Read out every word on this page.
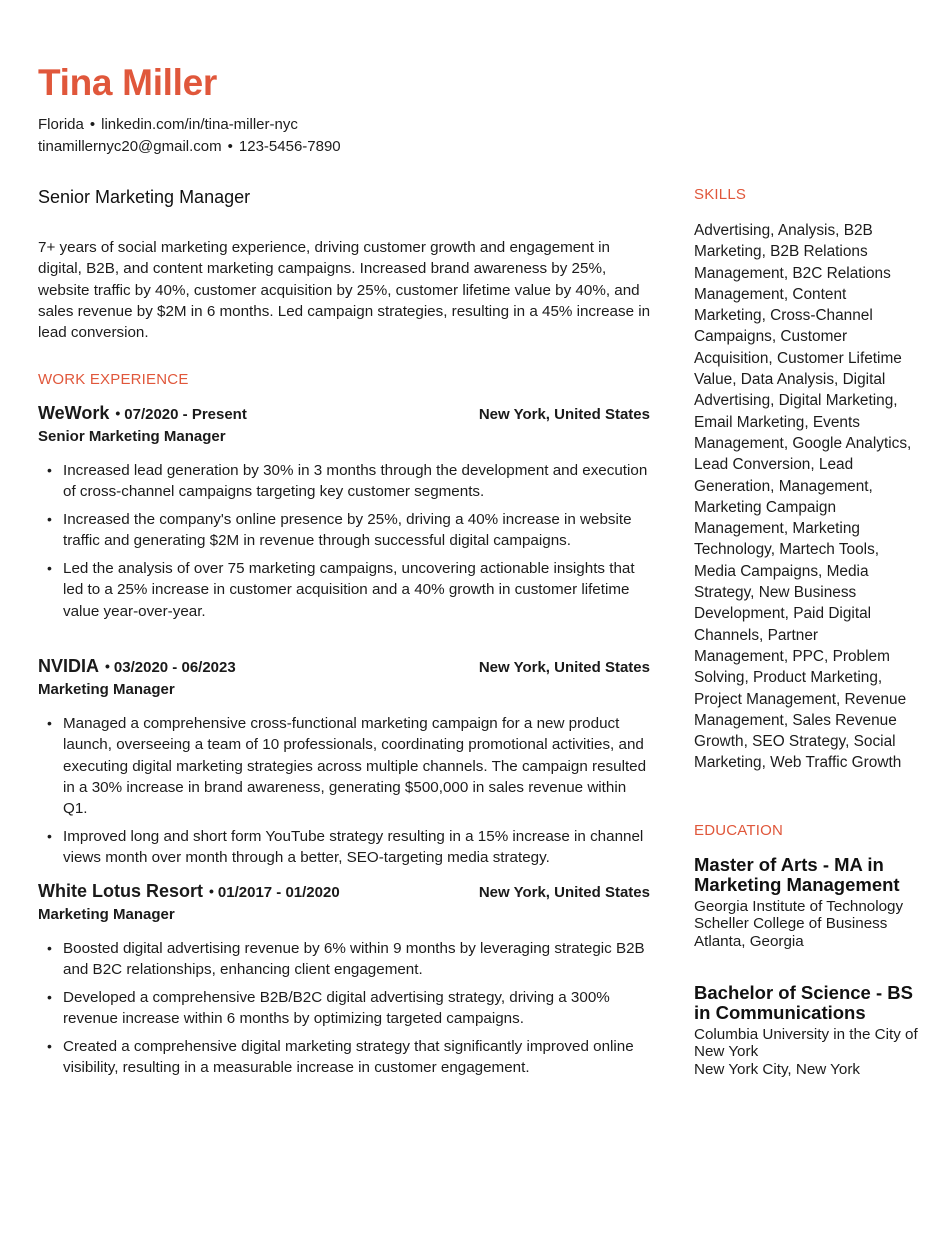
Tina Miller
Florida • linkedin.com/in/tina-miller-nyc
tinamillernyc20@gmail.com • 123-5456-7890
Senior Marketing Manager

7+ years of social marketing experience, driving customer growth and engagement in digital, B2B, and content marketing campaigns. Increased brand awareness by 25%, website traffic by 40%, customer acquisition by 25%, customer lifetime value by 40%, and sales revenue by $2M in 6 months. Led campaign strategies, resulting in a 45% increase in lead conversion.

WORK EXPERIENCE
WeWork • 07/2020 - Present	New York, United States
Senior Marketing Manager
• Increased lead generation by 30% in 3 months through the development and execution of cross-channel campaigns targeting key customer segments.
• Increased the company's online presence by 25%, driving a 40% increase in website traffic and generating $2M in revenue through successful digital campaigns.
• Led the analysis of over 75 marketing campaigns, uncovering actionable insights that led to a 25% increase in customer acquisition and a 40% growth in customer lifetime value year-over-year.
NVIDIA • 03/2020 - 06/2023	New York, United States
Marketing Manager
• Managed a comprehensive cross-functional marketing campaign for a new product launch, overseeing a team of 10 professionals, coordinating promotional activities, and executing digital marketing strategies across multiple channels. The campaign resulted in a 30% increase in brand awareness, generating $500,000 in sales revenue within Q1.
• Improved long and short form YouTube strategy resulting in a 15% increase in channel views month over month through a better, SEO-targeting media strategy.
White Lotus Resort • 01/2017 - 01/2020	New York, United States
Marketing Manager
• Boosted digital advertising revenue by 6% within 9 months by leveraging strategic B2B and B2C relationships, enhancing client engagement.
• Developed a comprehensive B2B/B2C digital advertising strategy, driving a 300% revenue increase within 6 months by optimizing targeted campaigns.
• Created a comprehensive digital marketing strategy that significantly improved online visibility, resulting in a measurable increase in customer engagement.
SKILLS

Advertising, Analysis, B2B Marketing, B2B Relations Management, B2C Relations Management, Content Marketing, Cross-Channel Campaigns, Customer Acquisition, Customer Lifetime Value, Data Analysis, Digital Advertising, Digital Marketing, Email Marketing, Events Management, Google Analytics, Lead Conversion, Lead Generation, Management, Marketing Campaign Management, Marketing Technology, Martech Tools, Media Campaigns, Media Strategy, New Business Development, Paid Digital Channels, Partner Management, PPC, Problem Solving, Product Marketing, Project Management, Revenue Management, Sales Revenue Growth, SEO Strategy, Social Marketing, Web Traffic Growth

EDUCATION
Master of Arts - MA in Marketing Management
Georgia Institute of Technology Scheller College of Business
Atlanta, Georgia
Bachelor of Science - BS in Communications
Columbia University in the City of New York
New York City, New York
